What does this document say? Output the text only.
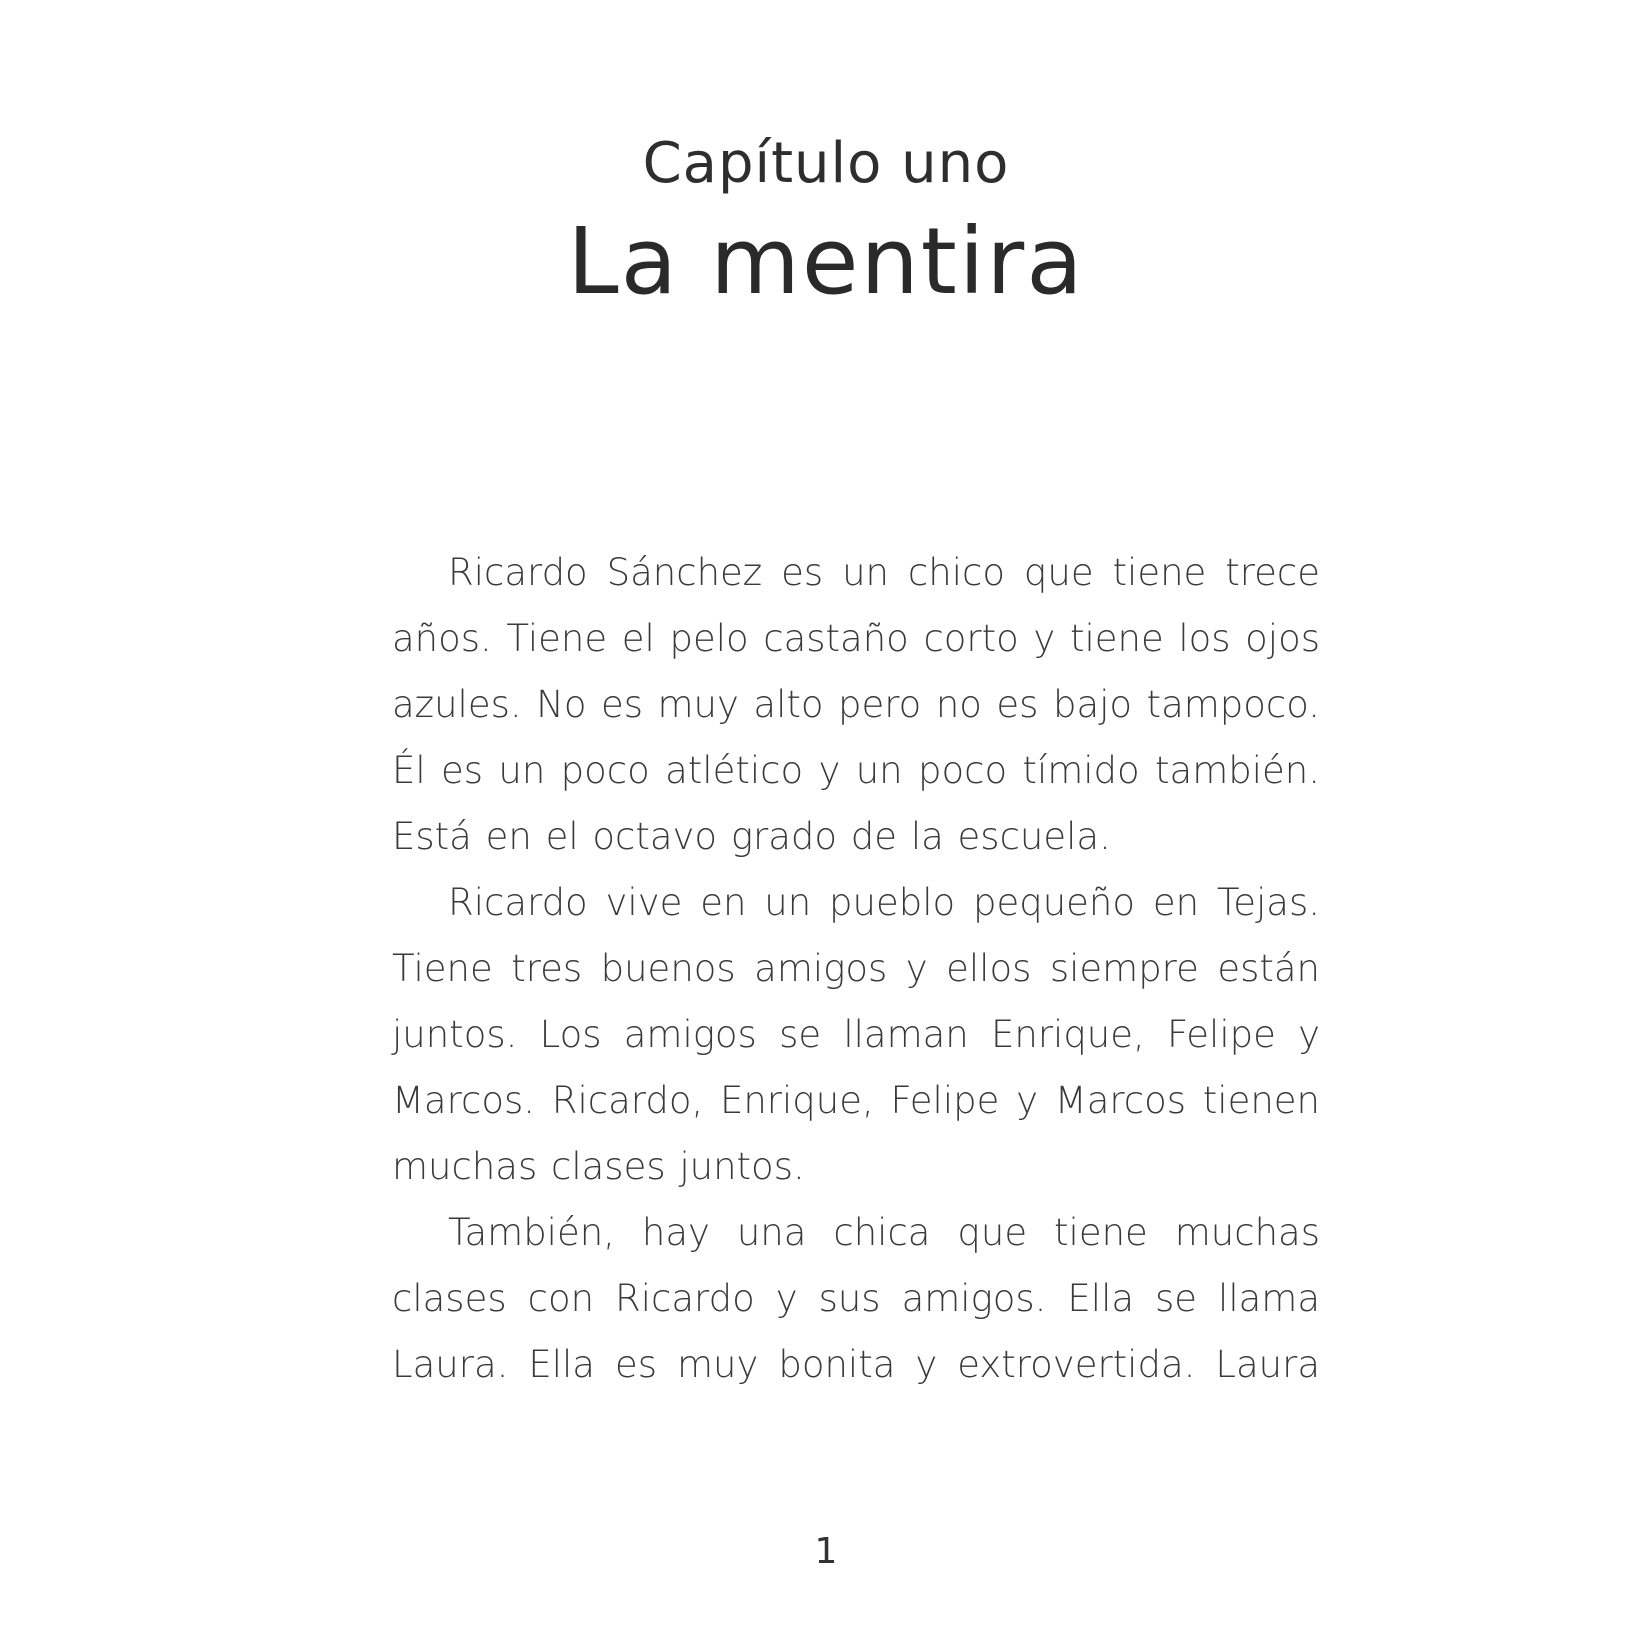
Capítulo uno
La mentira

Ricardo Sánchez es un chico que tiene trece años. Tiene el pelo castaño corto y tiene los ojos azules. No es muy alto pero no es bajo tampoco. Él es un poco atlético y un poco tímido también. Está en el octavo grado de la escuela.

Ricardo vive en un pueblo pequeño en Tejas. Tiene tres buenos amigos y ellos siempre están juntos. Los amigos se llaman Enrique, Felipe y Marcos. Ricardo, Enrique, Felipe y Marcos tienen muchas clases juntos.

También, hay una chica que tiene muchas clases con Ricardo y sus amigos. Ella se llama Laura. Ella es muy bonita y extrovertida. Laura

1
